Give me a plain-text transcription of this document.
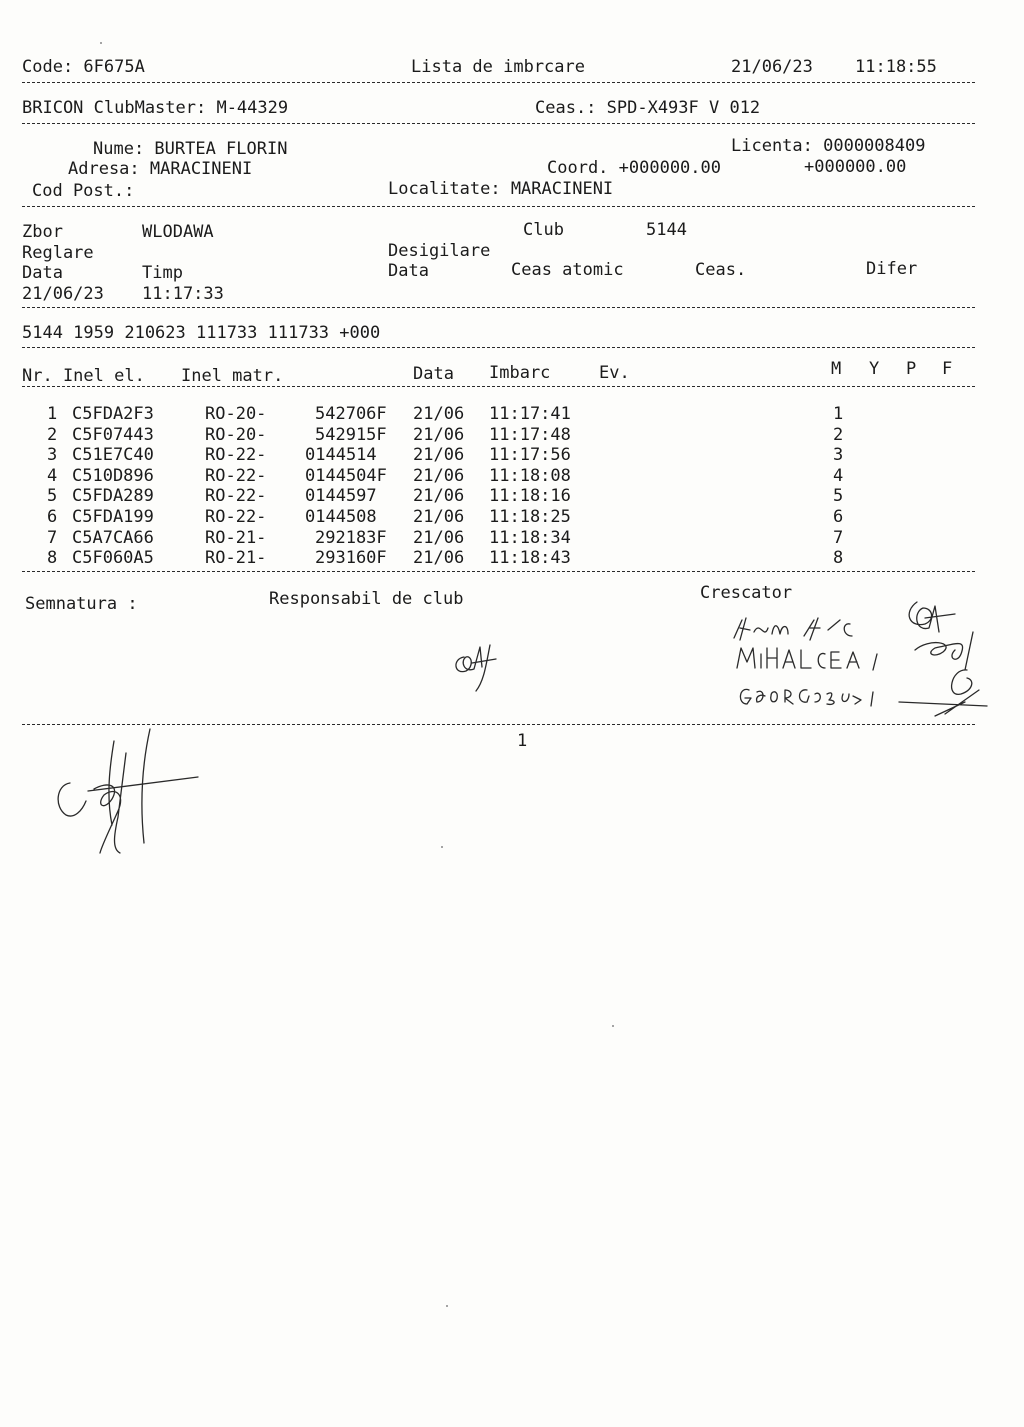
Code: 6F675A	Lista de imbrcare	21/06/23 11:18:55
BRICON ClubMaster: M-44329	Ceas.: SPD-X493F V 012
Nume: BURTEA FLORIN	Licenta: 0000008409
Adresa: MARACINENI	Coord. +000000.00	+000000.00
Cod Post.:	Localitate: MARACINENI
Zbor	WLODAWA	Club	5144
Reglare	Desigilare
Data	Timp	Data	Ceas atomic	Ceas.	Difer
21/06/23 11:17:33
5144 1959 210623 111733 111733 +000
Nr. Inel el. Inel matr.	Data Imbarc	Ev.	M Y P F
1 C5FDA2F3	RO-20-	542706F 21/06 11:17:41	1
2 C5F07443	RO-20-	542915F 21/06 11:17:48	2
3 C51E7C40	RO-22- 0144514 21/06 11:17:56	3
4 C510D896	RO-22- 0144504F 21/06 11:18:08	4
5 C5FDA289	RO-22- 0144597 21/06 11:18:16	5
6 C5FDA199	RO-22- 0144508 21/06 11:18:25	6
7 C5A7CA66	RO-21-	292183F 21/06 11:18:34	7
8 C5F060A5	RO-21-	293160F 21/06 11:18:43	8
Semnatura :	Responsabil de club	Crescator
1
